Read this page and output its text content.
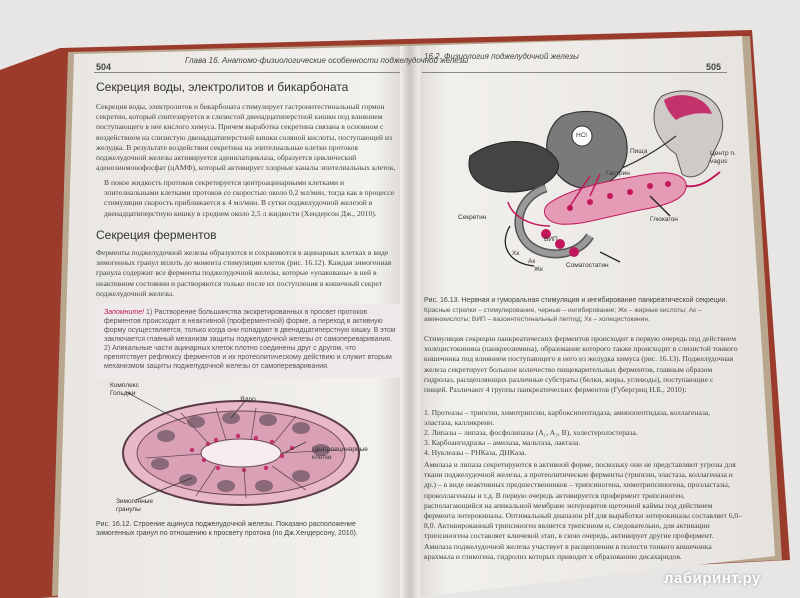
Глава 16. Анатомо-физиологические особенности поджелудочной железы
504
Секреция воды, электролитов и бикарбоната
Секреция воды, электролитов и бикарбоната стимулирует гастроинтестинальный гормон секретин, который синтезируется в слизистой двенадцатиперстной кишки под влиянием поступающего в нее кислого химуса. Причем выработка секретина связана в основном с воздействием на слизистую двенадцатиперстной кишки соляной кислоты, поступающей из желудка. В результате воздействия секретина на эпителиальные клетки протоков поджелудочной железы активируется аденилатциклаза, образуется циклический аденозинмонофосфат (цАМФ), который активирует хлорные каналы эпителиальных клеток,
В покое жидкость протоков секретируется центроацинарными клетками и эпителиальными клетками протоков со скоростью около 0,2 мл/мин, тогда как в процессе стимуляции скорость приближается к 4 мл/мин. В сутки поджелудочной железой в двенадцатиперстную кишку в среднем около 2,5 л жидкости (Хендерсон Дж., 2010).
Секреция ферментов
Ферменты поджелудочной железы образуются и сохраняются в ацинарных клетках в виде зимогенных гранул вплоть до момента стимуляции клеток (рис. 16.12). Каждая зимогенная гранула содержит все ферменты поджелудочной железы, которые «упакованы» в ней в неактивном состоянии и растворяются только после их поступления в кишечный секрет поджелудочной железы.
Запомните! 1) Растворение большинства экскретированных в просвет протоков ферментов происходит в неактивной (проферментной) форме, а переход в активную форму осуществляется, только когда они попадают в двенадцатиперстную кишку. В этом заключается главный механизм защиты поджелудочной железы от самопереваривания. 2) Апикальные части ацинарных клеток плотно соединены друг с другом, что препятствует рефлюксу ферментов и их протеолитическому действию и служит вторым механизмом защиты поджелудочной железы от самопереваривания.
Комплекс Гольджи
Ядро
Центроацинарные клетки
Зимогенные гранулы
Рис. 16.12. Строение ацинуса поджелудочной железы. Показано расположение зимогенных гранул по отношению к просвету протока (по Дж.Хендерсону, 2010).
16.2. Физиология поджелудочной железы
505
Центр n. vagus
HCl
Пища
Гастрин
Секретин	Глюкагон
ВИП
Хк
Ак
Жк
Соматостатин
Рис. 16.13. Нервная и гуморальная стимуляция и ингибирование панкреатической секреции.
Красные стрелки – стимулирование, черные – ингибирование; Жк – жирные кислоты; Ак – аминокислоты; ВИП – вазоинтестинальный пептид; Хк – холецистокинин.
Стимуляция секреции панкреатических ферментов происходит в первую очередь под действием холецистокинина (панкреозимина), образование которого также происходит в слизистой тонкого кишечника под влиянием поступающего в него из желудка химуса (рис. 16.13). Поджелудочная железа секретирует большое количество пищеварительных ферментов, главным образом гидролаз, расщепляющих различные субстраты (белки, жиры, углеводы), поступающие с пищей. Различают 4 группы панкреатических ферментов (Губергриц Н.Б., 2010):
1. Протеазы – трипсин, химотрипсин, карбоксипептидаза, аминопептидаза, коллагеназа, эластаза, калликреин.
2. Липазы – липаза, фосфолипазы (A₁, A₂, B), холестеролэстераза.
3. Карбоангидразы – амилаза, мальтаза, лактаза.
4. Нуклеазы – РНКаза, ДНКаза.
Амилаза и липаза секретируются в активной форме, поскольку они не представляют угрозы для ткани поджелудочной железы, а протеолитические ферменты (трипсин, эластаза, коллагеназа и др.) – в виде неактивных предшественников – трипсиногена, химотрипсиногена, проэластазы, проколлагеназы и т.д. В первую очередь активируется профермент трипсиноген, располагающийся на апикальной мембране энтероцитов щеточной каймы под действием фермента энтерокиназы. Оптимальный диапазон pH для выработки энтерокиназы составляет 6,0–8,0. Активированный трипсиноген является трипсином и, следовательно, для активации трипсиногена составляет ключевой этап, в свою очередь, активирует другие профермент. Амилаза поджелудочной железы участвует в расщеплении в полости тонкого кишечника крахмала и гликогена, гидролиз которых приводит к образованию дисахаридов.
лабиринт.ру
